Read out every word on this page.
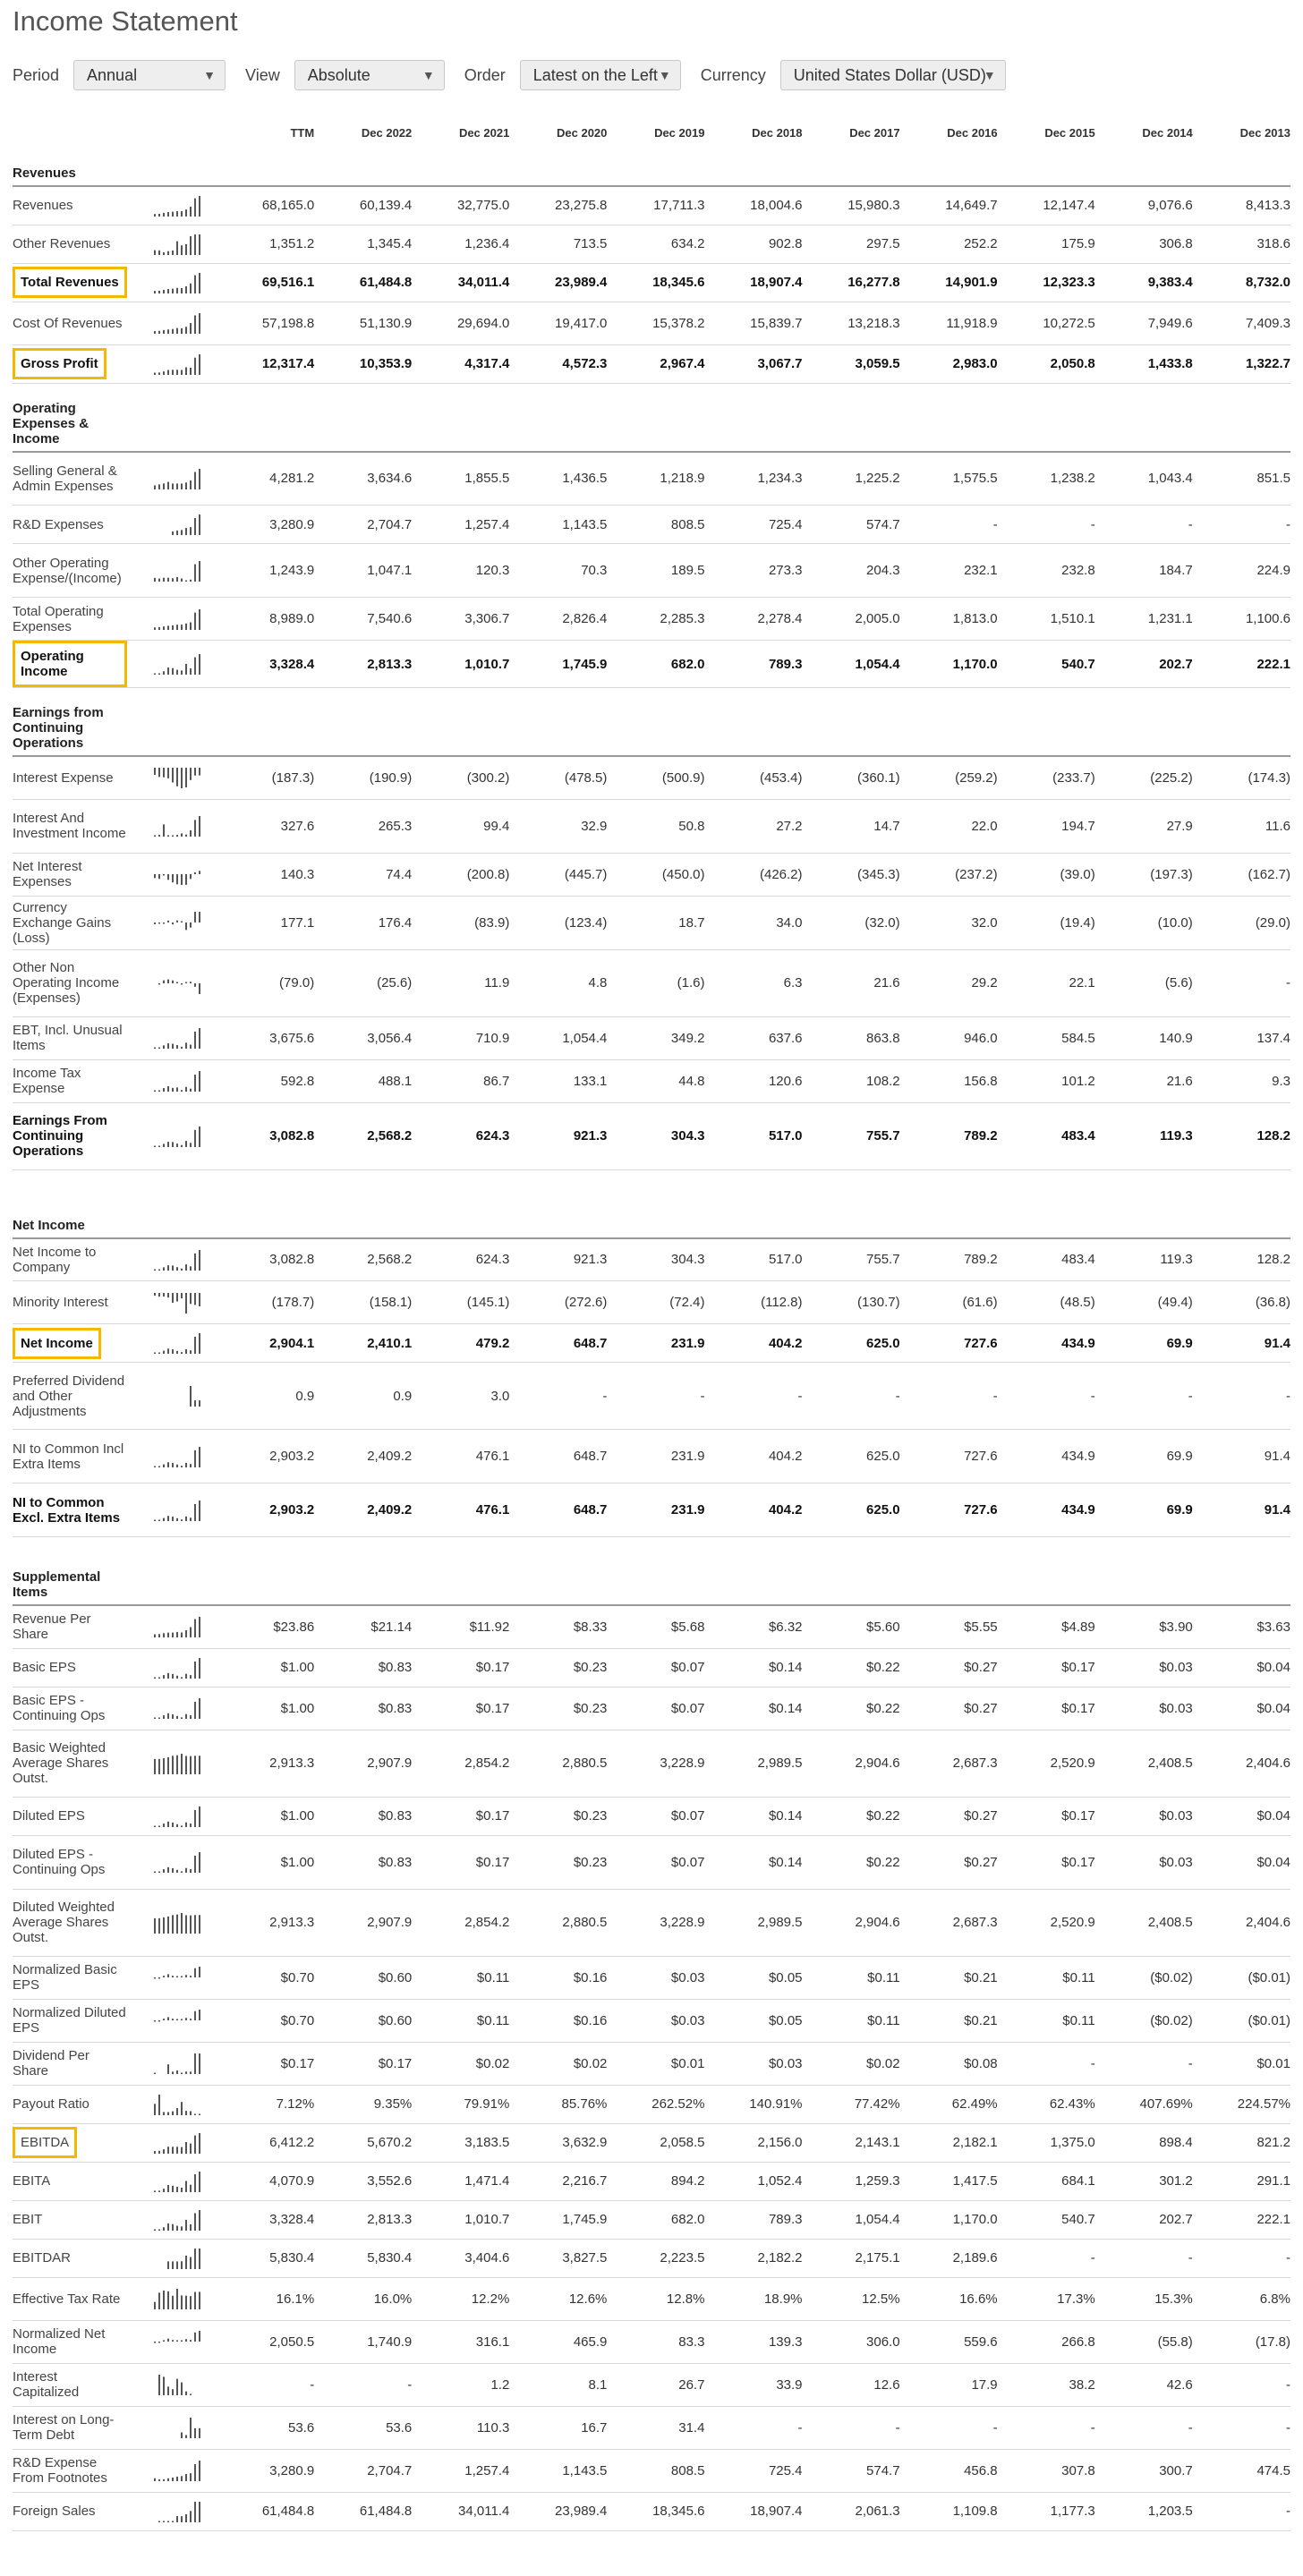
Income Statement
Period	Annual	▼ View	Absolute	▼ Order	Latest on the Left ▼ Currency	United States Dollar (USD)
▼
		TTM	Dec 2022	Dec 2021	Dec 2020	Dec 2019	Dec 2018	Dec 2017	Dec 2016	Dec 2015	Dec 2014	Dec 2013

Revenues												

Revenues		68,165.0	60,139.4	32,775.0	23,275.8	17,711.3	18,004.6	15,980.3	14,649.7	12,147.4	9,076.6	8,413.3

Other Revenues		1,351.2	1,345.4	1,236.4	713.5	634.2	902.8	297.5	252.2	175.9	306.8	318.6

Total Revenues		69,516.1	61,484.8	34,011.4	23,989.4	18,345.6	18,907.4	16,277.8	14,901.9	12,323.3	9,383.4	8,732.0

Cost Of Revenues		57,198.8	51,130.9	29,694.0	19,417.0	15,378.2	15,839.7	13,218.3	11,918.9	10,272.5	7,949.6	7,409.3

Gross Profit		12,317.4	10,353.9	4,317.4	4,572.3	2,967.4	3,067.7	3,059.5	2,983.0	2,050.8	1,433.8	1,322.7

Operating Expenses & Income												

Selling General & Admin Expenses		4,281.2	3,634.6	1,855.5	1,436.5	1,218.9	1,234.3	1,225.2	1,575.5	1,238.2	1,043.4	851.5

R&D Expenses		3,280.9	2,704.7	1,257.4	1,143.5	808.5	725.4	574.7	-	-	-	-

Other Operating Expense/(Income)		1,243.9	1,047.1	120.3	70.3	189.5	273.3	204.3	232.1	232.8	184.7	224.9

Total Operating Expenses		8,989.0	7,540.6	3,306.7	2,826.4	2,285.3	2,278.4	2,005.0	1,813.0	1,510.1	1,231.1	1,100.6

Operating Income		3,328.4	2,813.3	1,010.7	1,745.9	682.0	789.3	1,054.4	1,170.0	540.7	202.7	222.1

Earnings from Continuing Operations												

Interest Expense		(187.3)	(190.9)	(300.2)	(478.5)	(500.9)	(453.4)	(360.1)	(259.2)	(233.7)	(225.2)	(174.3)

Interest And Investment Income		327.6	265.3	99.4	32.9	50.8	27.2	14.7	22.0	194.7	27.9	11.6

Net Interest Expenses		140.3	74.4	(200.8)	(445.7)	(450.0)	(426.2)	(345.3)	(237.2)	(39.0)	(197.3)	(162.7)

Currency Exchange Gains (Loss)		177.1	176.4	(83.9)	(123.4)	18.7	34.0	(32.0)	32.0	(19.4)	(10.0)	(29.0)

Other Non Operating Income (Expenses)		(79.0)	(25.6)	11.9	4.8	(1.6)	6.3	21.6	29.2	22.1	(5.6)	-

EBT, Incl. Unusual Items		3,675.6	3,056.4	710.9	1,054.4	349.2	637.6	863.8	946.0	584.5	140.9	137.4

Income Tax Expense		592.8	488.1	86.7	133.1	44.8	120.6	108.2	156.8	101.2	21.6	9.3

Earnings From Continuing Operations		3,082.8	2,568.2	624.3	921.3	304.3	517.0	755.7	789.2	483.4	119.3	128.2

Net Income												

Net Income to Company		3,082.8	2,568.2	624.3	921.3	304.3	517.0	755.7	789.2	483.4	119.3	128.2

Minority Interest		(178.7)	(158.1)	(145.1)	(272.6)	(72.4)	(112.8)	(130.7)	(61.6)	(48.5)	(49.4)	(36.8)

Net Income		2,904.1	2,410.1	479.2	648.7	231.9	404.2	625.0	727.6	434.9	69.9	91.4

Preferred Dividend and Other Adjustments		0.9	0.9	3.0	-	-	-	-	-	-	-	-

NI to Common Incl Extra Items		2,903.2	2,409.2	476.1	648.7	231.9	404.2	625.0	727.6	434.9	69.9	91.4

NI to Common Excl. Extra Items		2,903.2	2,409.2	476.1	648.7	231.9	404.2	625.0	727.6	434.9	69.9	91.4

Supplemental Items												

Revenue Per Share		$23.86	$21.14	$11.92	$8.33	$5.68	$6.32	$5.60	$5.55	$4.89	$3.90	$3.63

Basic EPS		$1.00	$0.83	$0.17	$0.23	$0.07	$0.14	$0.22	$0.27	$0.17	$0.03	$0.04

Basic EPS - Continuing Ops		$1.00	$0.83	$0.17	$0.23	$0.07	$0.14	$0.22	$0.27	$0.17	$0.03	$0.04

Basic Weighted Average Shares Outst.		2,913.3	2,907.9	2,854.2	2,880.5	3,228.9	2,989.5	2,904.6	2,687.3	2,520.9	2,408.5	2,404.6

Diluted EPS		$1.00	$0.83	$0.17	$0.23	$0.07	$0.14	$0.22	$0.27	$0.17	$0.03	$0.04

Diluted EPS - Continuing Ops		$1.00	$0.83	$0.17	$0.23	$0.07	$0.14	$0.22	$0.27	$0.17	$0.03	$0.04

Diluted Weighted Average Shares Outst.		2,913.3	2,907.9	2,854.2	2,880.5	3,228.9	2,989.5	2,904.6	2,687.3	2,520.9	2,408.5	2,404.6

Normalized Basic EPS		$0.70	$0.60	$0.11	$0.16	$0.03	$0.05	$0.11	$0.21	$0.11	($0.02)	($0.01)

Normalized Diluted EPS		$0.70	$0.60	$0.11	$0.16	$0.03	$0.05	$0.11	$0.21	$0.11	($0.02)	($0.01)

Dividend Per Share		$0.17	$0.17	$0.02	$0.02	$0.01	$0.03	$0.02	$0.08	-	-	$0.01

Payout Ratio		7.12%	9.35%	79.91%	85.76%	262.52%	140.91%	77.42%	62.49%	62.43%	407.69%	224.57%

EBITDA		6,412.2	5,670.2	3,183.5	3,632.9	2,058.5	2,156.0	2,143.1	2,182.1	1,375.0	898.4	821.2

EBITA		4,070.9	3,552.6	1,471.4	2,216.7	894.2	1,052.4	1,259.3	1,417.5	684.1	301.2	291.1

EBIT		3,328.4	2,813.3	1,010.7	1,745.9	682.0	789.3	1,054.4	1,170.0	540.7	202.7	222.1

EBITDAR		5,830.4	5,830.4	3,404.6	3,827.5	2,223.5	2,182.2	2,175.1	2,189.6	-	-	-

Effective Tax Rate		16.1%	16.0%	12.2%	12.6%	12.8%	18.9%	12.5%	16.6%	17.3%	15.3%	6.8%

Normalized Net Income		2,050.5	1,740.9	316.1	465.9	83.3	139.3	306.0	559.6	266.8	(55.8)	(17.8)

Interest Capitalized		-	-	1.2	8.1	26.7	33.9	12.6	17.9	38.2	42.6	-

Interest on Long-Term Debt		53.6	53.6	110.3	16.7	31.4	-	-	-	-	-	-

R&D Expense From Footnotes		3,280.9	2,704.7	1,257.4	1,143.5	808.5	725.4	574.7	456.8	307.8	300.7	474.5

Foreign Sales		61,484.8	61,484.8	34,011.4	23,989.4	18,345.6	18,907.4	2,061.3	1,109.8	1,177.3	1,203.5	-
